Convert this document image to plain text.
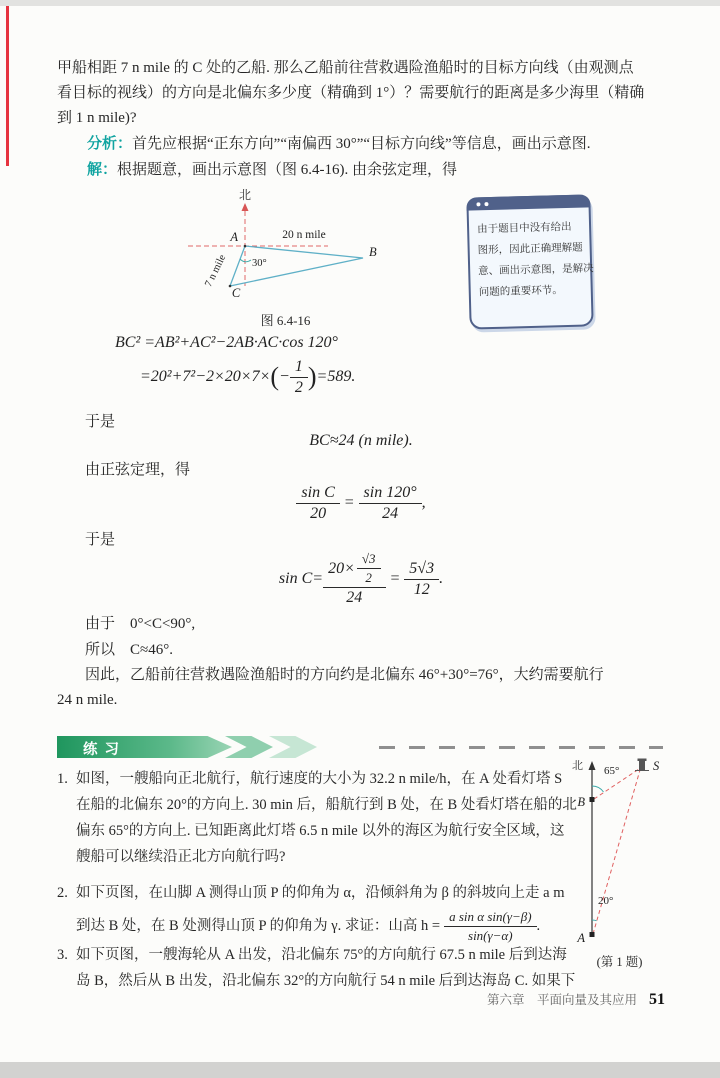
甲船相距 7 n mile 的 C 处的乙船. 那么乙船前往营救遇险渔船时的目标方向线（由观测点
看目标的视线）的方向是北偏东多少度（精确到 1°）？需要航行的距离是多少海里（精确
到 1 n mile)?
分析：首先应根据“正东方向”“南偏西 30°”“目标方向线”等信息，画出示意图.
解：根据题意，画出示意图（图 6.4-16). 由余弦定理，得
北
A
B
C
20 n mile
7 n mile 30°
图 6.4-16
由于题目中没有给出
图形，因此正确理解题
意、画出示意图，是解决
问题的重要环节。
BC² =AB²+AC²−2AB·AC·cos 120°
=20²+7²−2×20×7× ( − $\frac{1}{2}$ ) =589.
于是
BC≈24 (n mile).
由正弦定理，得
$\frac{\text{sin C}}{20} = \frac{\sin 120^\circ}{24}$ ,
于是
$\sin C= \frac{20\times \frac{√3}{2}}{24} = \frac{5√3}{12}$ .
由于　0°<C<90°,
所以　C≈46°.
因此，乙船前往营救遇险渔船时的方向约是北偏东 46°+30°=76°，大约需要航行
24 n mile.
练习
1. 如图，一艘船向正北航行，航行速度的大小为 32.2 n mile/h，在 A 处看灯塔 S
在船的北偏东 20°的方向上. 30 min 后，船航行到 B 处，在 B 处看灯塔在船的北
偏东 65°的方向上. 已知距离此灯塔 6.5 n mile 以外的海区为航行安全区域，这
艘船可以继续沿正北方向航行吗?
2. 如下页图，在山脚 A 测得山顶 P 的仰角为 α，沿倾斜角为 β 的斜坡向上走 a m
到达 B 处，在 B 处测得山顶 P 的仰角为 γ. 求证：山高 $h = \frac{\text{a sin α sin(γ−β)}}{\sin(\gamma-\alpha)}$ .
3. 如下页图，一艘海轮从 A 出发，沿北偏东 75°的方向航行 67.5 n mile 后到达海
岛 B，然后从 B 出发，沿北偏东 32°的方向航行 54 n mile 后到达海岛 C. 如果下
北 65°	S
B
20°
A
(第 1 题)
第六章　平面向量及其应用 51
